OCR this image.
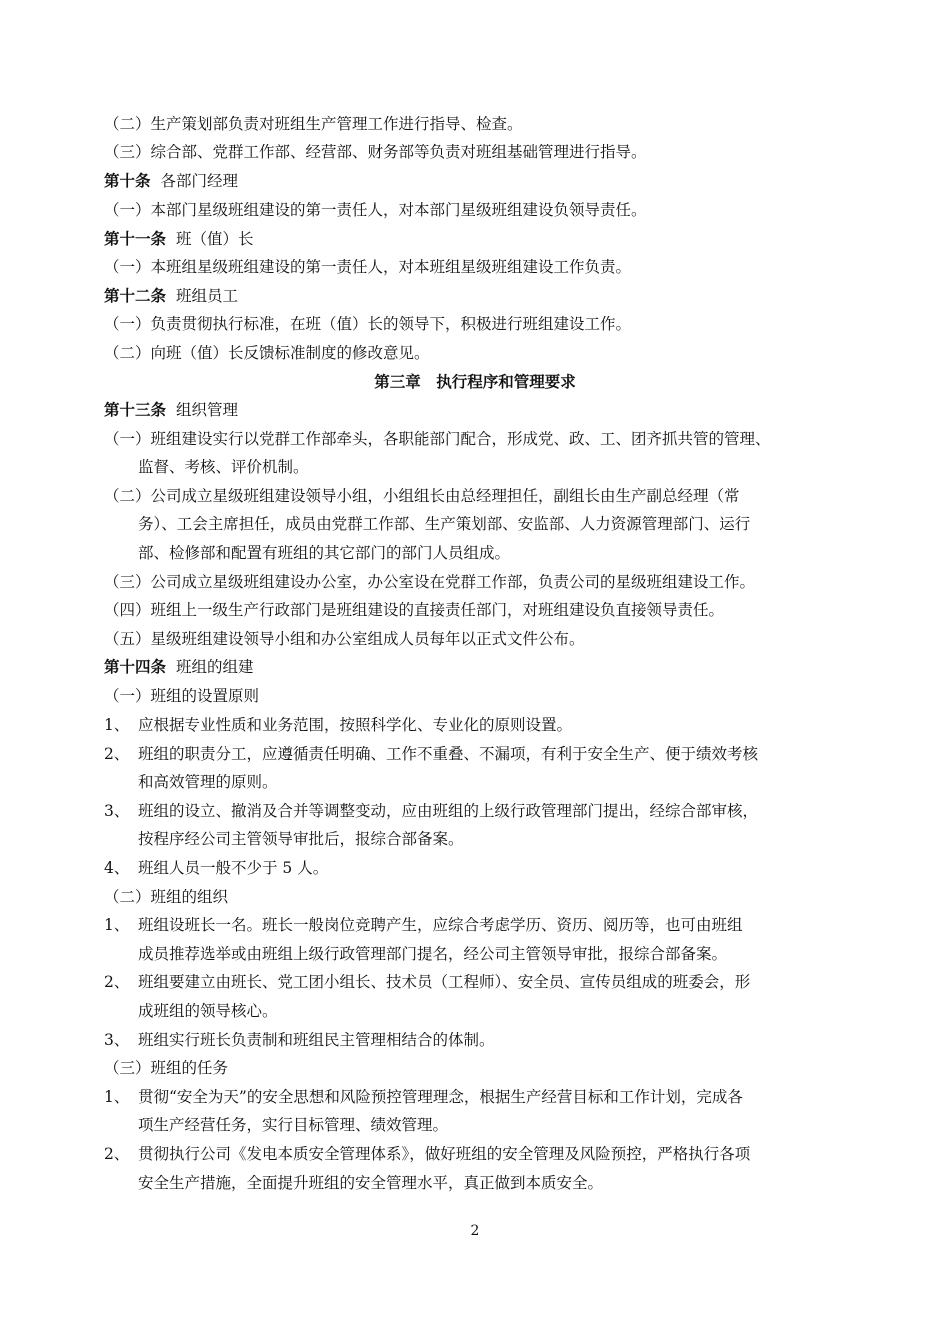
（二）生产策划部负责对班组生产管理工作进行指导、检查。
（三）综合部、党群工作部、经营部、财务部等负责对班组基础管理进行指导。
第十条 各部门经理
（一）本部门星级班组建设的第一责任人，对本部门星级班组建设负领导责任。
第十一条 班（值）长
（一）本班组星级班组建设的第一责任人，对本班组星级班组建设工作负责。
第十二条 班组员工
（一）负责贯彻执行标准，在班（值）长的领导下，积极进行班组建设工作。
（二）向班（值）长反馈标准制度的修改意见。
第三章　执行程序和管理要求
第十三条 组织管理
（一）班组建设实行以党群工作部牵头，各职能部门配合，形成党、政、工、团齐抓共管的管理、
监督、考核、评价机制。
（二）公司成立星级班组建设领导小组，小组组长由总经理担任，副组长由生产副总经理（常
务）、工会主席担任，成员由党群工作部、生产策划部、安监部、人力资源管理部门、运行
部、检修部和配置有班组的其它部门的部门人员组成。
（三）公司成立星级班组建设办公室，办公室设在党群工作部，负责公司的星级班组建设工作。
（四）班组上一级生产行政部门是班组建设的直接责任部门，对班组建设负直接领导责任。
（五）星级班组建设领导小组和办公室组成人员每年以正式文件公布。
第十四条 班组的组建
（一）班组的设置原则
1、 应根据专业性质和业务范围，按照科学化、专业化的原则设置。
2、 班组的职责分工，应遵循责任明确、工作不重叠、不漏项，有利于安全生产、便于绩效考核
和高效管理的原则。
3、 班组的设立、撤消及合并等调整变动，应由班组的上级行政管理部门提出，经综合部审核，
按程序经公司主管领导审批后，报综合部备案。
4、 班组人员一般不少于 5 人。
（二）班组的组织
1、 班组设班长一名。班长一般岗位竞聘产生，应综合考虑学历、资历、阅历等，也可由班组
成员推荐选举或由班组上级行政管理部门提名，经公司主管领导审批，报综合部备案。
2、 班组要建立由班长、党工团小组长、技术员（工程师）、安全员、宣传员组成的班委会，形
成班组的领导核心。
3、 班组实行班长负责制和班组民主管理相结合的体制。
（三）班组的任务
1、 贯彻“安全为天”的安全思想和风险预控管理理念，根据生产经营目标和工作计划，完成各
项生产经营任务，实行目标管理、绩效管理。
2、 贯彻执行公司《发电本质安全管理体系》，做好班组的安全管理及风险预控，严格执行各项
安全生产措施，全面提升班组的安全管理水平，真正做到本质安全。
2
